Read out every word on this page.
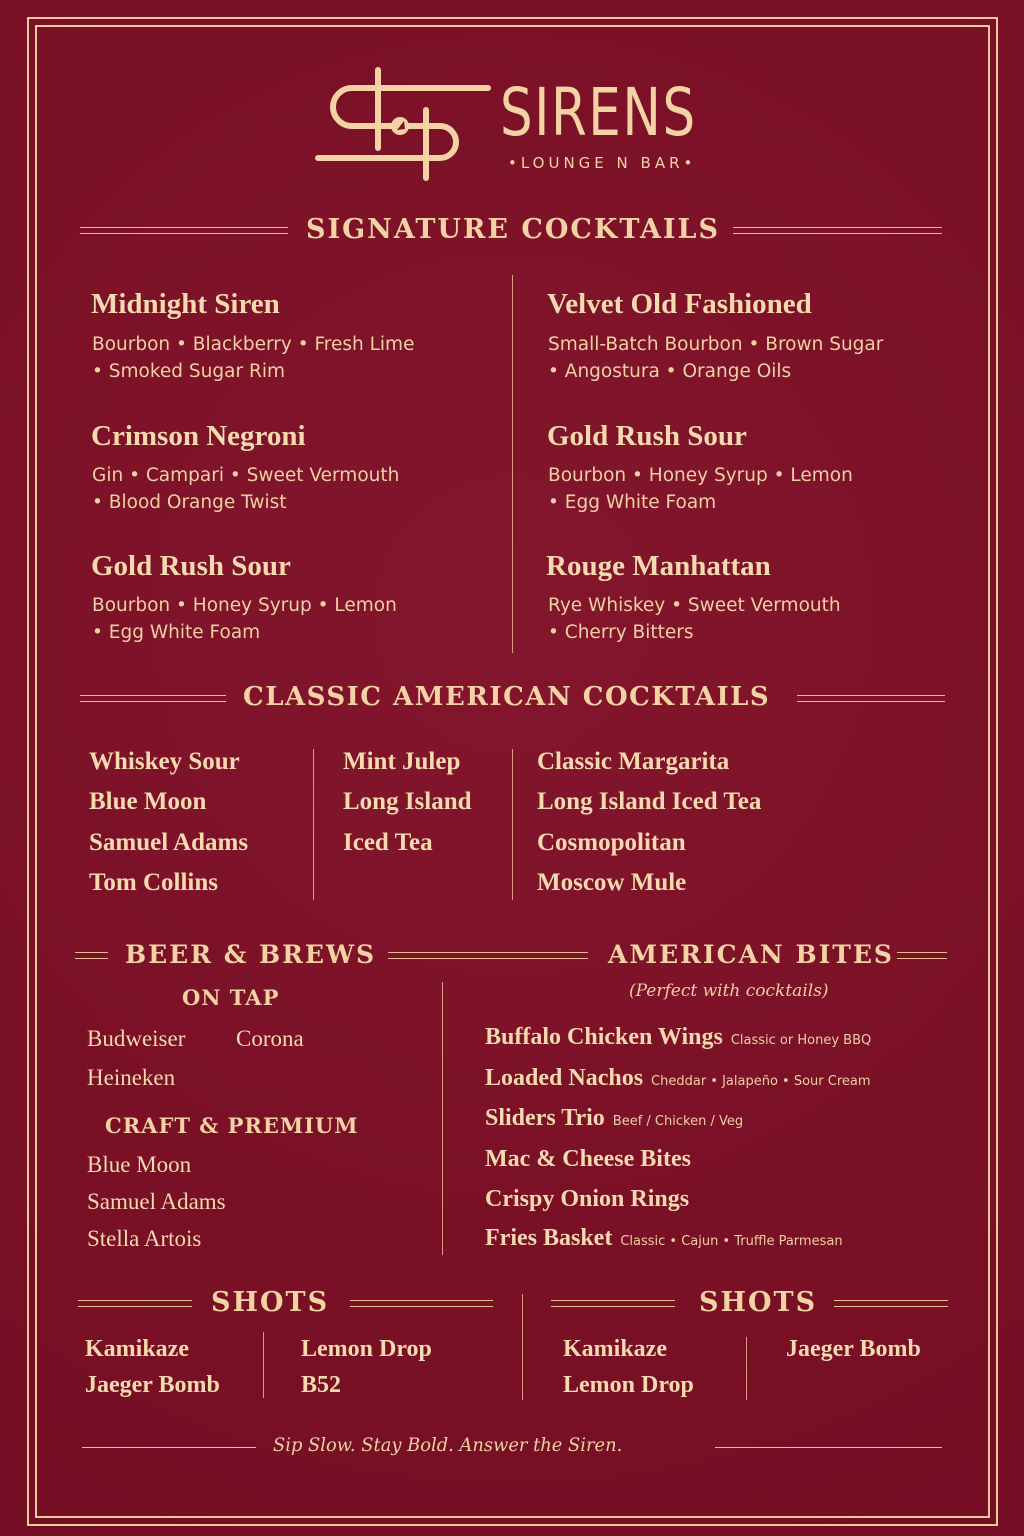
SIRENS
•LOUNGE N BAR•
SIGNATURE COCKTAILS
Midnight Siren
Bourbon • Blackberry • Fresh Lime
• Smoked Sugar Rim
Crimson Negroni
Gin • Campari • Sweet Vermouth
• Blood Orange Twist
Gold Rush Sour
Bourbon • Honey Syrup • Lemon
• Egg White Foam
Velvet Old Fashioned
Small-Batch Bourbon • Brown Sugar
• Angostura • Orange Oils
Gold Rush Sour
Bourbon • Honey Syrup • Lemon
• Egg White Foam
Rouge Manhattan
Rye Whiskey • Sweet Vermouth
• Cherry Bitters
CLASSIC AMERICAN COCKTAILS
Whiskey Sour
Blue Moon
Samuel Adams
Tom Collins
Mint Julep
Long Island
Iced Tea
Classic Margarita
Long Island Iced Tea
Cosmopolitan
Moscow Mule
BEER & BREWS
ON TAP
Budweiser Corona
Heineken
CRAFT & PREMIUM
Blue Moon
Samuel Adams
Stella Artois
AMERICAN BITES
(Perfect with cocktails)
Buffalo Chicken Wings Classic or Honey BBQ
Loaded Nachos Cheddar • Jalapeño • Sour Cream
Sliders Trio Beef / Chicken / Veg
Mac & Cheese Bites
Crispy Onion Rings
Fries Basket Classic • Cajun • Truffle Parmesan
SHOTS
Kamikaze
Jaeger Bomb
Lemon Drop
B52
SHOTS
Kamikaze
Lemon Drop
Jaeger Bomb
Sip Slow. Stay Bold. Answer the Siren.
